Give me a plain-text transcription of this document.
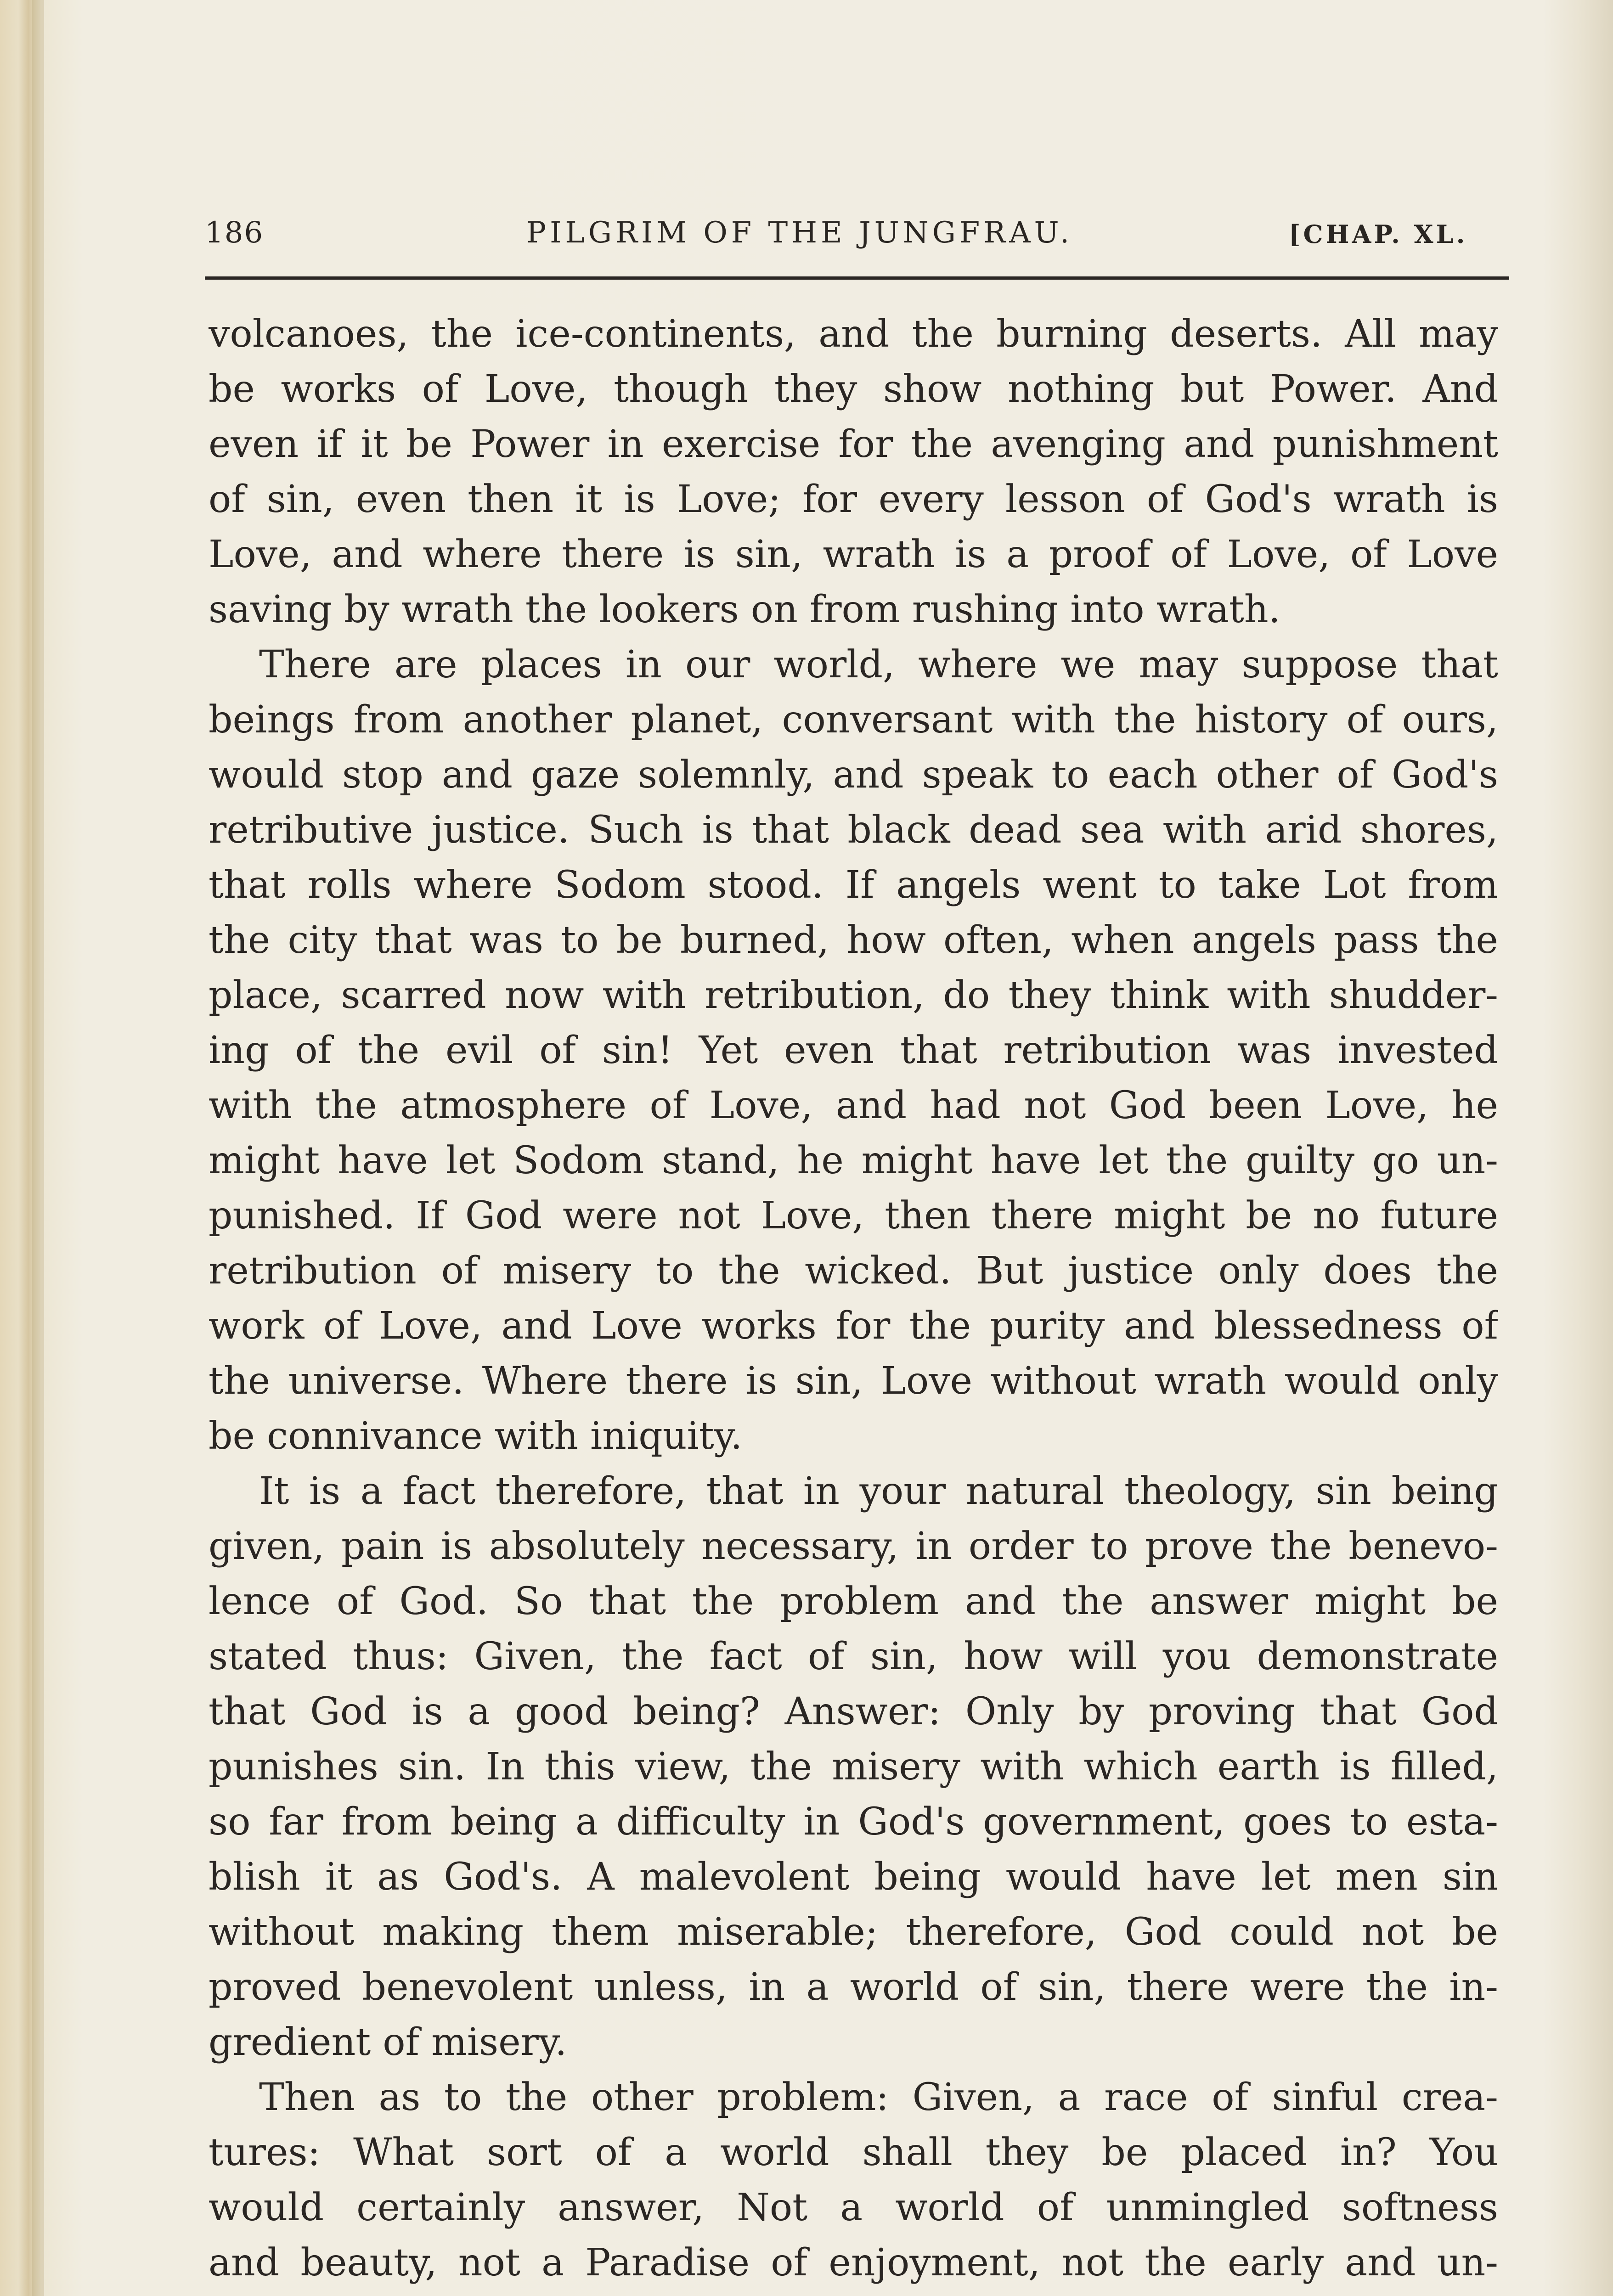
186	PILGRIM OF THE JUNGFRAU.	[CHAP. XL.
volcanoes, the ice-continents, and the burning deserts. All may
be works of Love, though they show nothing but Power. And
even if it be Power in exercise for the avenging and punishment
of sin, even then it is Love; for every lesson of God's wrath is
Love, and where there is sin, wrath is a proof of Love, of Love
saving by wrath the lookers on from rushing into wrath.
There are places in our world, where we may suppose that
beings from another planet, conversant with the history of ours,
would stop and gaze solemnly, and speak to each other of God's
retributive justice. Such is that black dead sea with arid shores,
that rolls where Sodom stood. If angels went to take Lot from
the city that was to be burned, how often, when angels pass the
place, scarred now with retribution, do they think with shudder-
ing of the evil of sin! Yet even that retribution was invested
with the atmosphere of Love, and had not God been Love, he
might have let Sodom stand, he might have let the guilty go un-
punished. If God were not Love, then there might be no future
retribution of misery to the wicked. But justice only does the
work of Love, and Love works for the purity and blessedness of
the universe. Where there is sin, Love without wrath would only
be connivance with iniquity.
It is a fact therefore, that in your natural theology, sin being
given, pain is absolutely necessary, in order to prove the benevo-
lence of God. So that the problem and the answer might be
stated thus: Given, the fact of sin, how will you demonstrate
that God is a good being? Answer: Only by proving that God
punishes sin. In this view, the misery with which earth is filled,
so far from being a difficulty in God's government, goes to esta-
blish it as God's. A malevolent being would have let men sin
without making them miserable; therefore, God could not be
proved benevolent unless, in a world of sin, there were the in-
gredient of misery.
Then as to the other problem: Given, a race of sinful crea-
tures: What sort of a world shall they be placed in? You
would certainly answer, Not a world of unmingled softness
and beauty, not a Paradise of enjoyment, not the early and un-
